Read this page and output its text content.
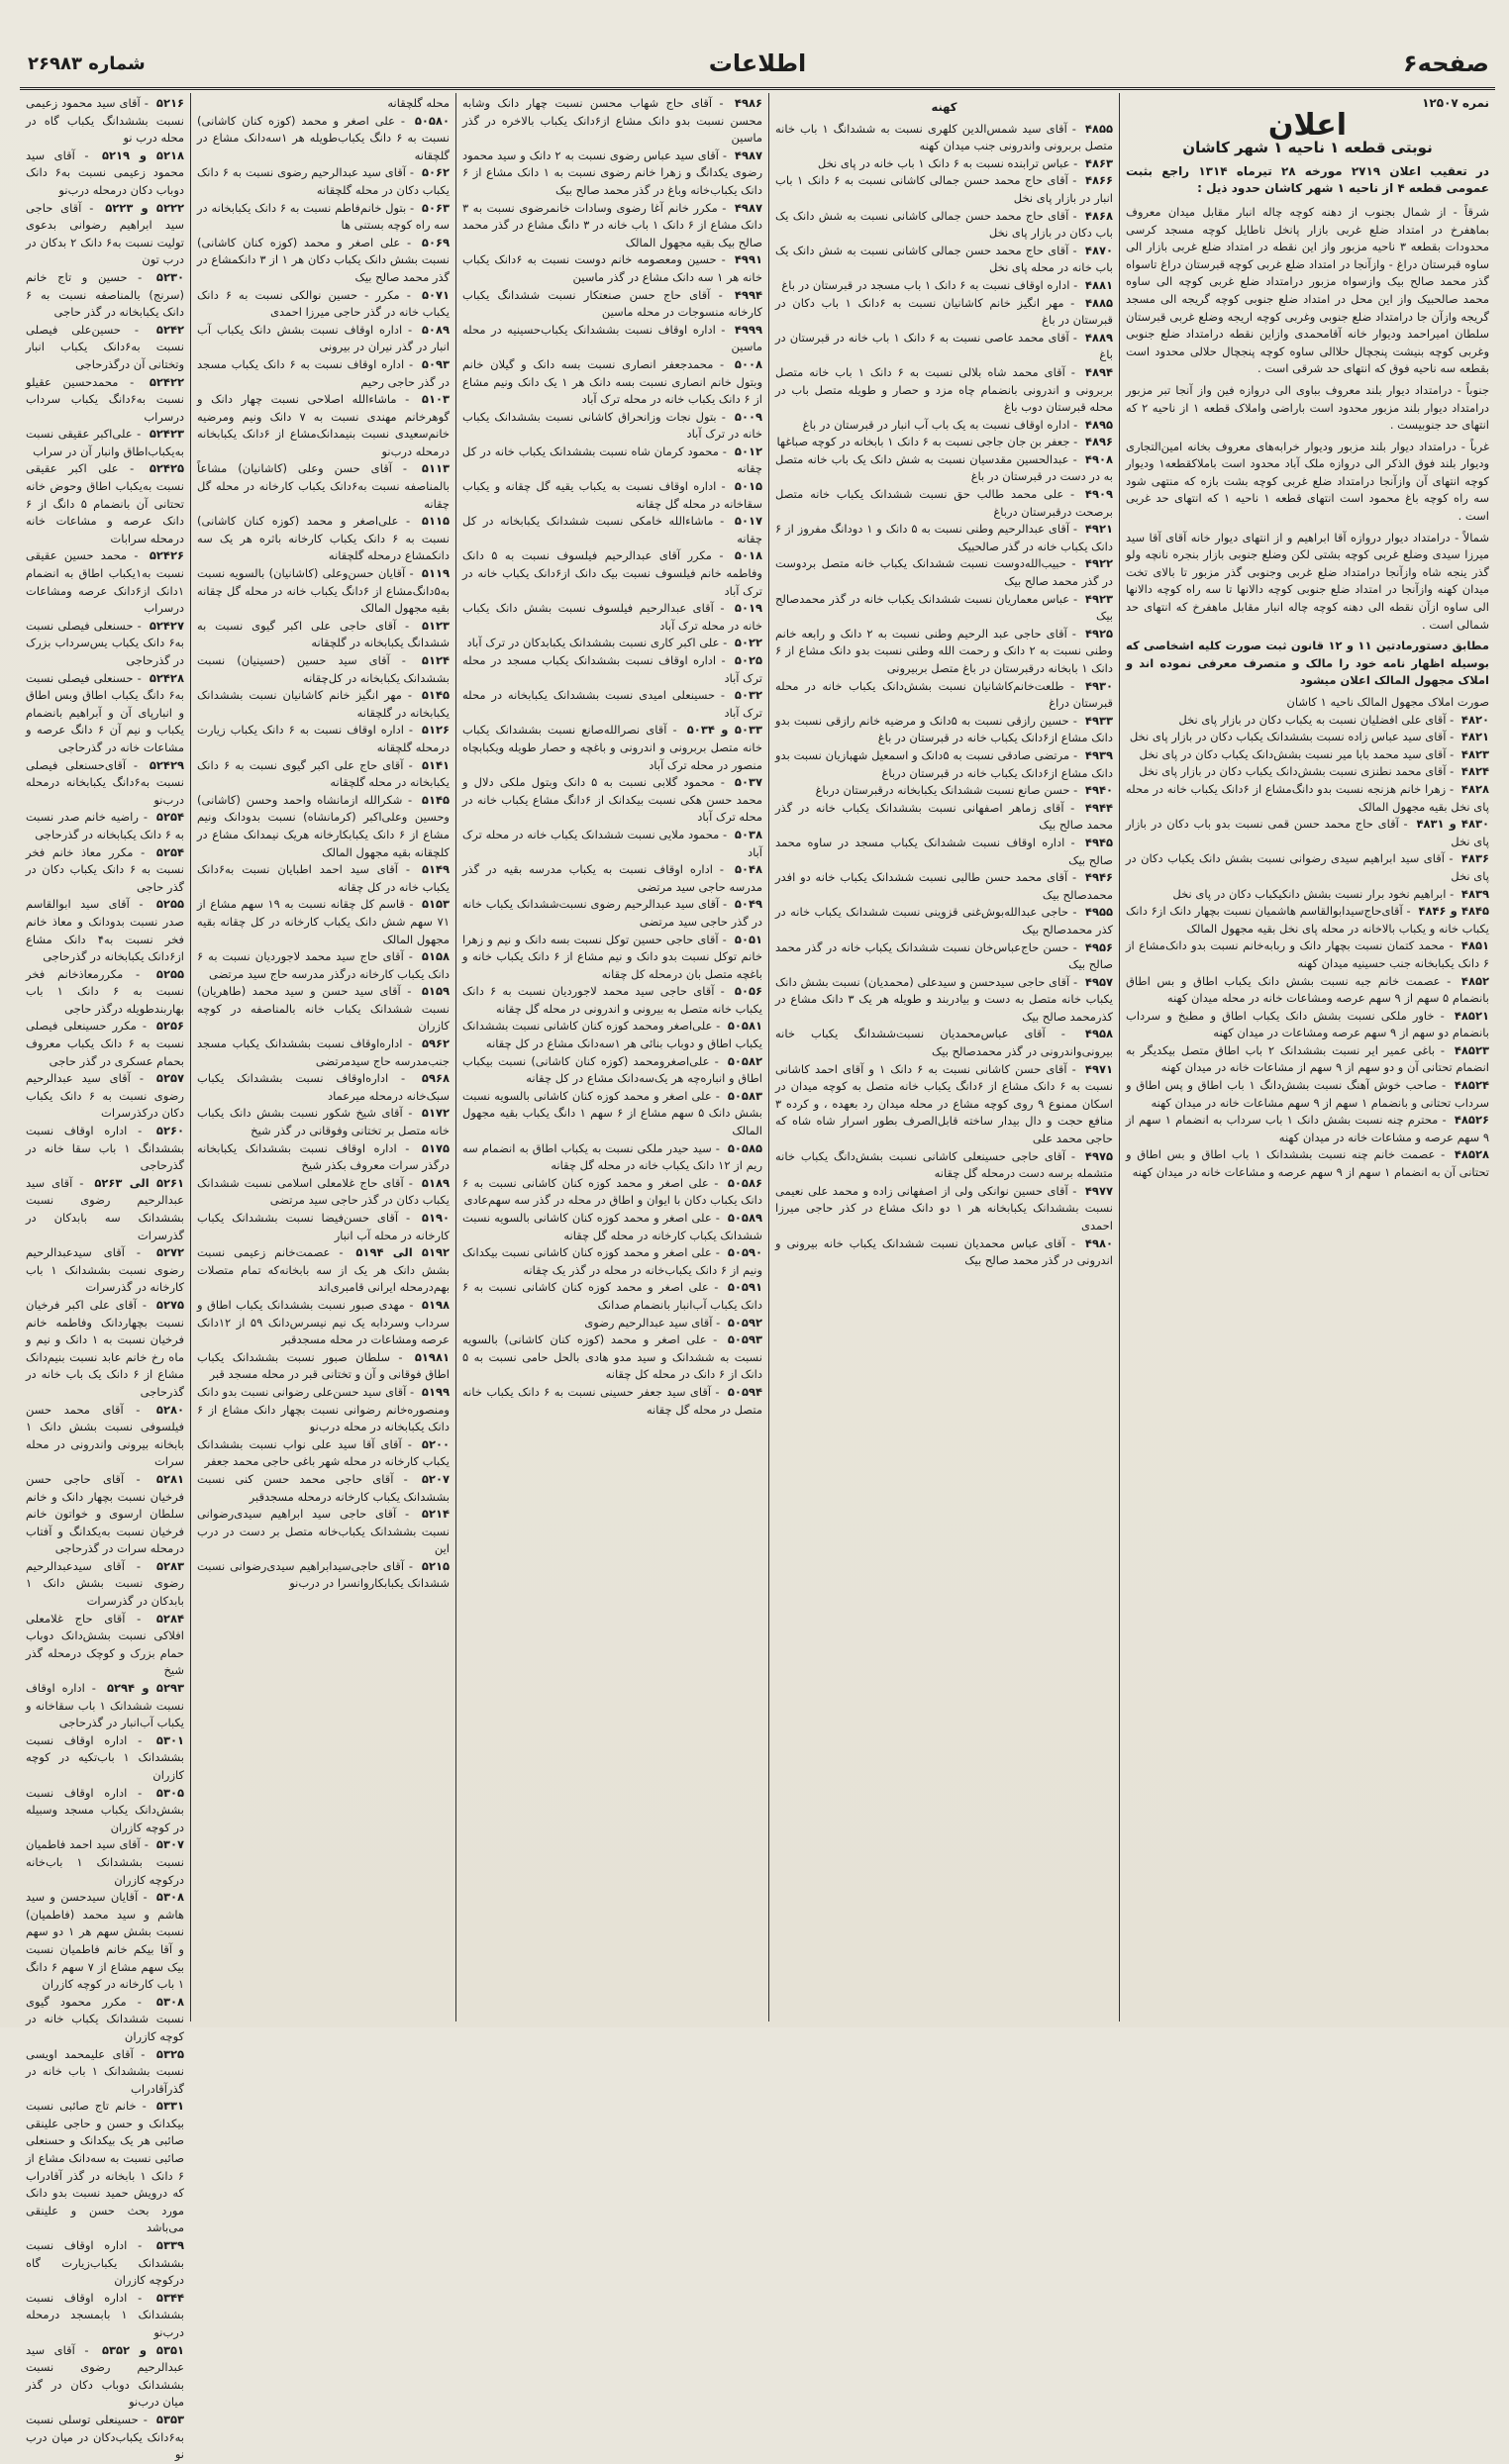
صفحه۶
اطلاعات
شماره ۲۶۹۸۳
نمره ۱۲۵۰۷
اعلان
نوبتی قطعه ۱ ناحیه ۱ شهر کاشان
در تعقیب اعلان ۲۷۱۹ مورخه ۲۸ تیرماه ۱۳۱۴ راجع بثبت عمومی قطعه ۴ از ناحیه ۱ شهر کاشان حدود ذیل :

شرقاً - از شمال بجنوب از دهنه کوچه چاله انبار مقابل میدان معروف بماهفرخ در امتداد ضلع غربی بازار پانخل ناطایل کوچه مسجد کرسی محدودات بقطعه ۳ ناحیه مزبور واز این نقطه در امتداد ضلع غربی بازار الی ساوه قبرستان دراغ - وازآنجا در امتداد ضلع غربی کوچه قبرستان دراغ تاسواه گذر محمد صالح بیک وازسواه مزبور درامتداد ضلع غربی کوچه الی ساوه محمد صالحبیک واز این محل در امتداد ضلع جنوبی کوچه گریجه الی مسجد گریجه وازآن جا درامتداد ضلع جنوبی وغربی کوچه اریجه وضلع غربی قبرستان سلطان امیراحمد ودیوار خانه آقامحمدی وازاین نقطه درامتداد ضلع جنوبی وغربی کوچه بنیشت پنجچال حلاالی ساوه کوچه پنجچال حلالی محدود است بقطعه سه ناحیه فوق که انتهای حد شرقی است .

جنوباً - درامتداد دیوار بلند معروف بباوی الی دروازه فین واز آنجا تبر مزبور درامتداد دیوار بلند مزبور محدود است باراضی واملاک قطعه ۱ از ناحیه ۲ که انتهای حد جنوبیست .

غرباً - درامتداد دیوار بلند مزبور ودیوار خرابه‌های معروف بخانه امین‌التجاری ودیوار بلند فوق الذکر الی دروازه ملک آباد محدود است باملاکقطعه۱ ودیوار کوچه انتهای آن وازآنجا درامتداد ضلع غربی کوچه بشت بازه که منتهی شود سه راه کوچه باغ محمود است انتهای قطعه ۱ ناحیه ۱ که انتهای حد غربی است .

شمالاً - درامتداد دیوار دروازه آقا ابراهیم و از انتهای دیوار خانه آقای آقا سید میرزا سیدی وضلع غربی کوچه بشتی لکن وضلع جنوبی بازار بنجره نانچه ولو گذر ینجه شاه وازآنجا درامتداد ضلع غربی وجنوبی گذر مزبور تا بالای تخت میدان کهنه وازآنجا در امتداد ضلع جنوبی کوچه دالانها تا سه راه کوچه دالانها الی ساوه ازآن نقطه الی دهنه کوچه چاله انبار مقابل ماهفرخ که انتهای حد شمالی است .

مطابق دستورمادتین ۱۱ و ۱۲ قانون ثبت صورت کلیه اشخاصی که بوسیله اظهار نامه خود را مالک و متصرف معرفی نموده اند و املاک مجهول المالک اعلان میشود

صورت املاک مجهول المالک ناحیه ۱ کاشان

۴۸۲۰ - آقای علی افضلیان نسبت به یکباب دکان در بازار پای نخل

۴۸۲۱ - آقای سید عباس زاده نسبت بششدانک یکباب دکان در بازار پای نخل

۴۸۲۳ - آقای سید محمد بابا میر نسبت بشش‌دانک یکباب دکان در پای نخل

۴۸۲۴ - آقای محمد نطنزی نسبت بشش‌دانک یکباب دکان در بازار پای نخل

۴۸۲۸ - زهرا خانم هزنجه نسبت بدو دانگ‌مشاع از ۶دانک یکباب خانه در محله پای نخل بقیه مجهول المالک

۴۸۳۰ و ۴۸۳۱ - آقای حاج محمد حسن قمی نسبت بدو باب دکان در بازار پای نخل

۴۸۳۶ - آقای سید ابراهیم سیدی رضوانی نسبت بشش دانک یکباب دکان در پای نخل

۴۸۳۹ - ابراهیم نخود برار نسبت بشش دانکیکباب دکان در پای نخل

۴۸۴۵ و ۴۸۴۶ - آقای‌حاج‌سید‌ابوالقاسم هاشمیان نسبت بچهار دانک از۶ دانک یکباب خانه و یکباب بالاخانه در محله پای نخل بقیه مجهول المالک

۴۸۵۱ - محمد کتمان نسبت بچهار دانک و ربابه‌خانم نسبت بدو دانک‌مشاع از ۶ دانک یکبابخانه جنب حسینیه میدان کهنه

۴۸۵۲ - عصمت خانم جبه نسبت بشش دانک یکباب اطاق و بس اطاق بانضمام ۵ سهم از ۹ سهم عرصه ومشاعات خانه در محله میدان کهنه

۴۸۵۲۱ - خاور ملکی نسبت بشش دانک یکباب اطاق و مطبخ و سرداب بانضمام دو سهم از ۹ سهم عرصه ومشاعات در میدان کهنه

۴۸۵۲۳ - باغی عمیر ایر نسبت بششدانک ۲ باب اطاق متصل بیکدیگر به انضمام تحتانی آن و دو سهم از ۹ سهم از مشاعات خانه در میدان کهنه

۴۸۵۲۴ - صاحب خوش آهنگ نسبت بشش‌دانگ ۱ باب اطاق و پس اطاق و سرداب تحتانی و بانضمام ۱ سهم از ۹ سهم مشاعات خانه در میدان کهنه

۴۸۵۲۶ - محترم چنه نسبت بشش دانک ۱ باب سرداب به انضمام ۱ سهم از ۹ سهم عرصه و مشاعات خانه در میدان کهنه

۴۸۵۲۸ - عصمت خانم چنه نسبت بششدانک ۱ باب اطاق و بس اطاق و تحتانی آن به انضمام ۱ سهم از ۹ سهم عرصه و مشاعات خانه در میدان کهنه

کهنه

۴۸۵۵ - آقای سید شمس‌الدین کلهری نسبت به ششدانگ ۱ باب خانه متصل بربرونی واندرونی جنب میدان کهنه

۴۸۶۳ - عباس ترابنده نسبت به ۶ دانک ۱ باب خانه در پای نخل

۴۸۶۶ - آقای حاج محمد حسن جمالی کاشانی نسبت به ۶ دانک ۱ باب انبار در بازار پای نخل

۴۸۶۸ - آقای حاج محمد حسن جمالی کاشانی نسبت به شش دانک یک باب دکان در بازار پای نخل

۴۸۷۰ - آقای حاج محمد حسن جمالی کاشانی نسبت به شش دانک یک باب خانه در محله پای نخل

۴۸۸۱ - اداره اوقاف نسبت به ۶ دانک ۱ باب مسجد در قبرستان در باغ

۴۸۸۵ - مهر انگیز خانم کاشانیان نسبت به ۶دانک ۱ باب دکان در قبرستان در باغ

۴۸۸۹ - آقای محمد عاصی نسبت به ۶ دانک ۱ باب خانه در قبرستان در باغ

۴۸۹۴ - آقای محمد شاه بلالی نسبت به ۶ دانک ۱ باب خانه متصل بربرونی و اندرونی بانضمام چاه مزد و حصار و طویله متصل باب در محله قبرستان دوب باغ

۴۸۹۵ - اداره اوقاف نسبت به یک باب آب انبار در قبرستان در باغ

۴۸۹۶ - جعفر بن جان جاجی نسبت به ۶ دانک ۱ بابخانه در کوچه صباغها

۴۹۰۸ - عبدالحسین مقدسیان نسبت به شش دانک یک باب خانه متصل به در دست در قبرستان در باغ

۴۹۰۹ - علی محمد طالب حق نسبت ششدانک یکباب خانه متصل برصحت درقبرستان درباغ

۴۹۲۱ - آقای عبدالرحیم وطنی نسبت به ۵ دانک و ۱ دودانگ مفروز از ۶ دانک یکباب خانه در گذر صالحبیک

۴۹۲۲ - حبیب‌الله‌دوست نسبت ششدانک یکباب خانه متصل بردوست در گذر محمد صالح بیک

۴۹۲۳ - عباس معماریان نسبت ششدانک یکباب خانه در گذر محمدصالح بیک

۴۹۲۵ - آقای حاجی عبد الرحیم وطنی نسبت به ۲ دانک و رابعه خانم وطنی نسبت به ۲ دانک و رحمت الله وطنی نسبت بدو دانک مشاع از ۶ دانک ۱ بابخانه درقبرستان در باغ متصل بربیرونی

۴۹۳۰ - طلعت‌خانم‌کاشانیان نسبت بشش‌دانک یکباب خانه در محله قبرستان دراغ

۴۹۳۳ - حسین رازقی نسبت به ۵دانک و مرضیه خانم رازقی نسبت بدو دانک مشاع از۶دانک یکباب خانه در قبرستان در باغ

۴۹۳۹ - مرتضی صادقی نسبت به ۵دانک و اسمعیل شهبازیان نسبت بدو دانک مشاع از۶دانک یکباب خانه در قبرستان درباغ

۴۹۴۰ - حسن صانع نسبت ششدانک یکبابخانه درقبرستان درباغ

۴۹۴۴ - آقای زماهر اصفهانی نسبت بششدانک یکباب خانه در گذر محمد صالح بیک

۴۹۴۵ - اداره اوقاف نسبت ششدانک یکباب مسجد در ساوه محمد صالح بیک

۴۹۴۶ - آقای محمد حسن طالبی نسبت ششدانک یکباب خانه دو افدر محمدصالح بیک

۴۹۵۵ - حاجی عبدالله‌بوش‌غنی قزوینی نسبت ششدانک یکباب خانه در کذر محمدصالح بیک

۴۹۵۶ - حسن حاج‌عباس‌خان نسبت ششدانک یکباب خانه در گذر محمد صالح بیک

۴۹۵۷ - آقای حاجی سیدحسن و سیدعلی (محمدیان) نسبت بشش دانک یکباب خانه متصل به دست و بیادربند و طویله هر یک ۳ دانک مشاع در کذرمحمد صالح بیک

۴۹۵۸ - آقای عباس‌محمدیان نسبت‌ششدانگ یکباب خانه بیرونی‌واندرونی در گذر محمدصالح بیک

۴۹۷۱ - آقای حسن کاشانی نسبت به ۶ دانک‌ ۱ و آقای احمد کاشانی نسبت به ۶ دانک مشاع از ۶دانگ یکباب خانه متصل به کوچه میدان در اسکان ممنوع ۹ روی کوچه مشاع در محله میدان رد بعهده ، و کرده ۳ منافع حجت و دال بیدار ساخته قابل‌الصرف بطور اسرار شاه شاه که حاجی محمد علی

۴۹۷۵ - آقای حاجی حسینعلی کاشانی نسبت بشش‌دانگ یکباب خانه متشمله برسه دست درمحله گل چقانه

۴۹۷۷ - آقای حسین نوانکی ولی از اصفهانی زاده و محمد علی نعیمی نسبت بششدانک یکبابخانه هر ۱ دو دانک مشاع در کذر حاجی میرزا احمدی

۴۹۸۰ - آقای عباس محمدیان نسبت ششدانک یکباب خانه بیرونی و اندرونی در گذر محمد صالح بیک

۴۹۸۶ - آقای حاج شهاب محسن نسبت چهار دانک وشابه محسن نسبت بدو دانک مشاع از۶دانک یکباب بالاخره در گذر ماسین

۴۹۸۷ - آقای سید عباس رضوی نسبت به ۲ دانک و سید محمود رضوی یکدانگ و زهرا خانم رضوی نسبت به ۱ دانک مشاع از ۶ دانک یکباب‌خانه وباغ در گذر محمد صالح بیک

۴۹۸۷ - مکرر خانم آغا رضوی وسادات خانمرضوی نسبت به ۳ دانک مشاع از ۶ دانک ۱ باب خانه در ۳ دانگ مشاع در گذر محمد صالح بیک بقیه مجهول المالک

۴۹۹۱ - حسین ومعصومه خانم دوست نسبت به ۶دانک یکباب خانه هر ۱ سه دانک مشاع در گذر ماسین

۴۹۹۴ - آقای حاج حسن صنعتکار نسبت ششدانگ یکباب کارخانه منسوجات در محله ماسین

۴۹۹۹ - اداره اوقاف نسبت بششدانک یکباب‌حسینیه در محله ماسین

۵۰۰۸ - محمدجعفر انصاری نسبت بسه دانک و گیلان خانم وبتول خانم انصاری نسبت بسه دانک هر ۱ یک دانک ونیم مشاع از ۶ دانک یکباب خانه در محله ترک آباد

۵۰۰۹ - بتول نجات وزانحراق کاشانی نسبت بششدانک یکباب خانه در ترک آباد

۵۰۱۲ - محمود کرمان شاه نسبت بششدانک یکباب خانه در کل چقانه

۵۰۱۵ - اداره اوقاف نسبت به یکباب یقیه گل چقانه و یکباب سقاخانه در محله گل چقانه

۵۰۱۷ - ماشاءالله خامکی نسبت ششدانک یکبابخانه در کل چقانه

۵۰۱۸ - مکرر آقای عبدالرحیم فیلسوف نسبت به ۵ دانک وفاطمه خانم فیلسوف نسبت بیک دانک از۶دانک یکباب خانه در ترک آباد

۵۰۱۹ - آقای عبدالرحیم فیلسوف نسبت بشش دانک یکباب خانه در محله ترک آباد

۵۰۲۲ - علی اکبر کاری نسبت بششدانک یکبابدکان در ترک آباد

۵۰۲۵ - اداره اوقاف نسبت بششدانک یکباب مسجد در محله ترک آباد

۵۰۳۲ - حسینعلی امیدی نسبت بششدانک یکبابخانه در محله ترک آباد

۵۰۳۳ و ۵۰۳۴ - آقای نصرالله‌صانع نسبت بششدانک یکباب خانه متصل بربرونی و اندرونی و باغچه و حصار طویله ویکبابچاه منصور در محله ترک آباد

۵۰۳۷ - محمود گلابی نسبت به ۵ دانک وبتول ملکی دلال و محمد حسن هکی نسبت بیکدانک از ۶دانگ مشاع یکباب خانه در محله ترک آباد

۵۰۳۸ - محمود ملایی نسبت ششدانک یکباب خانه در محله ترک آباد

۵۰۴۸ - اداره اوقاف نسبت به یکباب مدرسه بقیه در گذر مدرسه حاجی سید مرتضی

۵۰۴۹ - آقای سید عبدالرحیم رضوی نسبت‌ششدانک یکباب خانه در گذر حاجی سید مرتضی

۵۰۵۱ - آقای حاجی حسین توکل نسبت بسه دانک و نیم و زهرا خانم توکل نسبت بدو دانک و نیم مشاع از ۶ دانک یکباب خانه و باغچه متصل بان درمحله کل چقانه

۵۰۵۶ - آقای حاجی سید محمد لاجوردیان نسبت به ۶ دانک یکباب خانه متصل به بیرونی و اندرونی در محله گل چقانه

۵۰۵۸۱ - علی‌اصغر ومحمد کوزه کنان کاشانی نسبت بششدانک یکباب اطاق و دوباب بنائی هر ۱سه‌دانک مشاع در کل چقانه

۵۰۵۸۲ - علی‌اصغر‌ومحمد (کوزه کنان کاشانی) نسبت بیکباب اطاق و انباره‌چه هر یک‌سه‌دانک مشاع در کل چقانه

۵۰۵۸۳ - علی اصغر و محمد کوزه کنان کاشانی بالسویه نسبت بشش دانک ۵ سهم مشاع از ۶ سهم ۱ دانگ یکباب بقیه مجهول المالک

۵۰۵۸۵ - سید حیدر ملکی نسبت به یکباب اطاق به انضمام سه ریم از ۱۲ دانک یکباب خانه در محله گل چقانه

۵۰۵۸۶ - علی اصغر و محمد کوزه کنان کاشانی نسبت به ۶ دانک یکباب دکان با ایوان و اطاق در محله در گذر سه سهم‌عادی

۵۰۵۸۹ - علی اصغر و محمد کوزه کنان کاشانی بالسویه نسبت ششدانک یکباب کارخانه در محله گل چقانه

۵۰۵۹۰ - علی اصغر و محمد کوزه کنان کاشانی نسبت بیکدانک ونیم از ۶ دانک یکباب‌خانه در محله در گذر یک چقانه

۵۰۵۹۱ - علی اصغر و محمد کوزه کنان کاشانی نسبت به ۶ دانک یکباب آب‌انبار بانضمام صدانک

۵۰۵۹۲ - آقای سید عبدالرحیم رضوی

۵۰۵۹۳ - علی اصغر و محمد (کوزه کنان کاشانی) بالسویه نسبت به ششدانک و سید مدو هادی بالحل حامی نسبت به ۵ دانک از ۶ دانک در محله کل چقانه

۵۰۵۹۴ - آقای سید جعفر حسینی نسبت به ۶ دانک یکباب خانه متصل در محله گل چقانه

محله گلچقانه

۵۰۵۸۰ - علی اصغر و محمد (کوزه کنان کاشانی) نسبت به ۶ دانگ یکباب‌طویله هر ۱سه‌دانک مشاع در گلچقانه

۵۰۶۲ - آقای سید عبدالرحیم رضوی نسبت به ۶ دانک یکباب دکان در محله گلچقانه

۵۰۶۳ - بتول خانم‌فاطم نسبت به ۶ دانک یکبابخانه در سه راه کوچه بستنی ها

۵۰۶۹ - علی اصغر و محمد (کوزه کنان کاشانی) نسبت بشش دانک یکباب دکان هر ۱ از ۳ دانکمشاع در گذر محمد صالح بیک

۵۰۷۱ - مکرر - حسین نوالکی نسبت به ۶ دانک یکباب خانه در گذر حاجی میرزا احمدی

۵۰۸۹ - اداره اوقاف نسبت بشش دانک یکباب آب انبار در گذر نیران در بیرونی

۵۰۹۳ - اداره اوقاف نسبت به ۶ دانک یکباب مسجد در گذر حاجی رحیم

۵۱۰۳ - ماشاءالله اصلاحی نسبت چهار دانک و گوهرخانم مهندی نسبت به ۷ دانک ونیم ومرضیه خانم‌سعیدی نسبت بنیمدانک‌مشاع از ۶دانک یکبابخانه درمحله درب‌نو

۵۱۱۳ - آقای حسن وعلی (کاشانیان) مشاعاً بالمناصفه نسبت به۶دانک یکباب کارخانه در محله گل چقانه

۵۱۱۵ - علی‌اصغر و محمد (کوزه کنان کاشانی) نسبت به ۶ دانک یکباب کارخانه باثره هر یک سه دانکمشاع درمحله گلچقانه

۵۱۱۹ - آقایان حسن‌وعلی (کاشانیان) بالسویه نسبت به۵دانگ‌مشاع از ۶دانگ یکباب خانه در محله گل چقانه بقیه مجهول المالک

۵۱۲۳ - آقای حاجی علی اکبر گیوی نسبت به ششدانگ یکبابخانه در گلچقانه

۵۱۲۴ - آقای سید حسین (حسینیان) نسبت بششدانک یکبابخانه در کل‌چقانه

۵۱۴۵ - مهر انگیز خانم کاشانیان نسبت بششدانک یکبابخانه در گلچقانه

۵۱۲۶ - اداره اوقاف نسبت به ۶ دانک یکباب زیارت درمحله گلچقانه

۵۱۴۱ - آقای حاج علی اکبر گیوی نسبت به ۶ دانک یکبابخانه در محله گلچقانه

۵۱۴۵ - شکرالله ازمانشاه واحمد وحسن (کاشانی) وحسین وعلی‌اکبر (کرمانشاه) نسبت بدودانک ونیم مشاع از ۶ دانک یکبابکارخانه هریک نیمدانک مشاع در کلچقانه بقیه مجهول المالک

۵۱۴۹ - آقای سید احمد اطبایان نسبت به۶دانک یکباب خانه در کل چقانه

۵۱۵۳ - قاسم کل چقانه نسبت به ۱۹ سهم مشاع از ۷۱ سهم شش دانک یکباب کارخانه در کل چقانه بقیه مجهول المالک

۵۱۵۸ - آقای حاج سید محمد لاجوردیان نسبت به ۶ دانک یکباب کارخانه درگذر مدرسه حاج سید مرتضی

۵۱۵۹ - آقای سید حسن و سید محمد (طاهریان) نسبت ششدانک یکباب خانه بالمناصفه در کوچه کازران

۵۹۶۲ - اداره‌اوقاف نسبت بششدانک یکباب مسجد جنب‌مدرسه حاج سیدمرتضی

۵۹۶۸ - اداره‌اوقاف نسبت بششدانک یکباب سبک‌خانه درمحله میرعماد

۵۱۷۲ - آقای شیخ شکور نسبت بشش دانک یکباب خانه متصل بر تختانی وفوقانی در گذر شیخ

۵۱۷۵ - اداره اوقاف نسبت بششدانک یکبابخانه درگذر سرات معروف بکذر شیخ

۵۱۸۹ - آقای حاج غلامعلی اسلامی نسبت ششدانک یکباب دکان در گذر حاجی سید مرتضی

۵۱۹۰ - آقای حسن‌فیضا نسبت بششدانک یکباب کارخانه در محله آب انبار

۵۱۹۲ الی ۵۱۹۴ - عصمت‌خانم زعیمی نسبت بشش دانک هر یک از سه بابخانه‌که تمام متصلات بهم‌درمحله ایرانی قامبری‌اند

۵۱۹۸ - مهدی صبور نسبت بششدانک یکباب اطاق و سرداب وسردابه یک نیم نیسرس‌دانک ۵۹ از ۱۲دانک عرصه ومشاعات در محله مسجدقبر

۵۱۹۸۱ - سلطان صبور نسبت بششدانک یکباب اطاق فوقانی و آن و تختانی قبر در محله مسجد قبر

۵۱۹۹ - آقای سید حسن‌علی رضوانی نسبت بدو دانک ومنصوره‌خانم رضوانی نسبت بچهار دانک مشاع از ۶ دانک یکبابخانه در محله درب‌نو

۵۲۰۰ - آقای آقا سید علی نواب نسبت بششدانک یکباب کارخانه در محله شهر باغی حاجی محمد جعفر

۵۲۰۷ - آقای حاجی محمد حسن کنی نسبت بششدانک یکباب کارخانه درمحله مسجدقبر

۵۲۱۴ - آقای حاجی سید ابراهیم سیدی‌رضوانی نسبت بششدانک یکباب‌خانه متصل بر دست در درب این

۵۲۱۵ - آقای حاجی‌سیدابراهیم سیدی‌رضوانی نسبت ششدانک یکبابکاروانسرا در درب‌نو

۵۲۱۶ - آقای سید محمود زعیمی نسبت بششدانگ یکباب گاه در محله درب نو

۵۲۱۸ و ۵۲۱۹ - آقای سید محمود زعیمی نسبت به۶ دانک دوباب دکان درمحله درب‌نو

۵۲۲۲ و ۵۲۲۳ - آقای حاجی سید ابراهیم رضوانی بدعوی تولیت نسبت به۶ دانک ۲ بدکان در درب تون

۵۲۳۰ - حسین و تاج خانم (سرنج) بالمناصفه نسبت به ۶ دانک یکبابخانه در گذر حاجی

۵۲۴۲ - حسین‌علی فیصلی نسبت به۶دانک یکباب انبار وتختانی آن درگذرحاجی

۵۲۴۲۲ - محمدحسین عقیلو نسبت به۶دانگ یکباب سرداب درسراب

۵۲۴۲۳ - علی‌اکبر عقیقی نسبت به‌یکباب‌اطاق وانبار آن در سراب

۵۲۴۲۵ - علی اکبر عقیقی نسبت به‌یکباب اطاق وحوض خانه تحتانی آن بانضمام ۵ دانگ از ۶ دانک عرصه و مشاعات خانه درمحله سرابات

۵۲۴۲۶ - محمد حسین عقیقی نسبت به‌۱یکباب اطاق به انضمام ۱دانک از۶دانک عرصه ومشاعات درسراب

۵۲۴۲۷ - حسنعلی فیصلی نسبت به۶ دانک یکباب یس‌سرداب بزرک در گذرحاجی

۵۲۴۲۸ - حسنعلی فیصلی نسبت به۶ دانگ یکباب اطاق وبس اطاق و انبار‌پای آن و آبراهیم بانضمام یکباب و نیم آن ۶ دانگ عرصه و مشاعات خانه در گذرحاجی

۵۲۴۲۹ - آقای‌حسنعلی فیصلی نسبت به۶دانگ یکبابخانه درمحله درب‌نو

۵۲۵۴ - راضیه خانم صدر نسبت به ۶ دانک یکبابخانه در گذرحاجی

۵۲۵۴ - مکرر معاذ خانم فخر نسبت به ۶ دانک یکباب دکان در گذر حاجی

۵۲۵۵ - آقای سید ابوالقاسم صدر نسبت بدودانک و معاذ خانم فخر نسبت به۴ دانک مشاع از۶دانک یکبابخانه در گذرحاجی

۵۲۵۵ - مکررمعاذخانم فخر نسبت به ۶ دانک ۱ باب بهاربندطویله درگذر حاجی

۵۲۵۶ - مکرر حسینعلی فیصلی نسبت به ۶ دانک یکباب معروف بحمام عسکری در گذر حاجی

۵۲۵۷ - آقای سید عبدالرحیم رضوی نسبت به ۶ دانک یکباب دکان درکذرسرات

۵۲۶۰ - اداره اوقاف نسبت بششدانگ ۱ باب سقا خانه در گذرحاجی

۵۲۶۱ الی ۵۲۶۳ - آقای سید عبدالرحیم رضوی نسبت بششدانک سه بابدکان در گذرسرات

۵۲۷۲ - آقای سیدعبدالرحیم رضوی نسبت بششدانک ۱ باب کارخانه در گذرسرات

۵۲۷۵ - آقای علی اکبر فرخیان نسبت بچهاردانک وفاطمه خانم فرخیان نسبت به ۱ دانک و نیم و ماه رخ خانم عابد نسبت بنیم‌دانک مشاع از ۶ دانک یک باب خانه در گذرحاجی

۵۲۸۰ - آقای محمد حسن فیلسوفی نسبت بشش دانک ۱ بابخانه بیرونی واندرونی در محله سرات

۵۲۸۱ - آقای حاجی حسن فرخیان نسبت بچهار دانک و خانم سلطان ارسوی و خواتون خانم فرخیان نسبت به‌یکدانگ و آفتاب درمحله سرات در گذرحاجی

۵۲۸۳ - آقای سیدعبدالرحیم رضوی نسبت بشش دانک ۱ بابدکان در گذرسرات

۵۲۸۴ - آقای حاج غلامعلی افلاکی نسبت بشش‌دانک دوباب حمام بزرک و کوچک درمحله گذر شیخ

۵۲۹۳ و ۵۲۹۴ - اداره اوقاف نسبت ششدانک ۱ باب سقاخانه و یکباب آب‌انبار در گذرحاجی

۵۳۰۱ - اداره اوقاف نسبت بششدانک ۱ باب‌تکیه در کوچه کازران

۵۳۰۵ - اداره اوقاف نسبت بشش‌دانک یکباب‌ مسجد وسبیله در کوچه کازران

۵۳۰۷ - آقای سید احمد فاطمیان نسبت بششدانک ۱ باب‌خانه درکوچه کازران

۵۳۰۸ - آقایان سیدحسن و سید هاشم و سید محمد (فاطمیان) نسبت بشش سهم هر ۱ دو سهم و آقا بیکم خانم فاطمیان نسبت بیک سهم مشاع از ۷ سهم ۶ دانگ ۱ باب کارخانه در کوچه کازران

۵۳۰۸ - مکرر محمود گیوی نسبت ششدانک یکباب خانه در کوچه کازران

۵۳۲۵ - آقای علیمحمد اویسی نسبت بششدانک ۱ باب خانه در گذرآقادراب

۵۳۳۱ - خانم تاج صائبی نسبت بیکدانک و حسن و حاجی علینقی صائبی هر یک بیکدانک و حسنعلی صائبی نسبت به سه‌دانک مشاع از ۶ دانک ۱ بابخانه در گذر آقادراب که درویش حمید نسبت بدو دانک مورد بحث حسن و علینقی می‌باشد

۵۳۳۹ - اداره اوقاف نسبت بششدانک یکباب‌زیارت گاه درکوچه کازران

۵۳۴۴ - اداره اوقاف نسبت بششدانک ۱ بابمسجد درمحله درب‌نو

۵۳۵۱ و ۵۳۵۲ - آقای سید عبدالرحیم رضوی نسبت بششدانک دوباب دکان در گذر میان درب‌نو

۵۳۵۳ - حسینعلی توسلی نسبت به۶دانک یکباب‌دکان در میان درب‌ نو
